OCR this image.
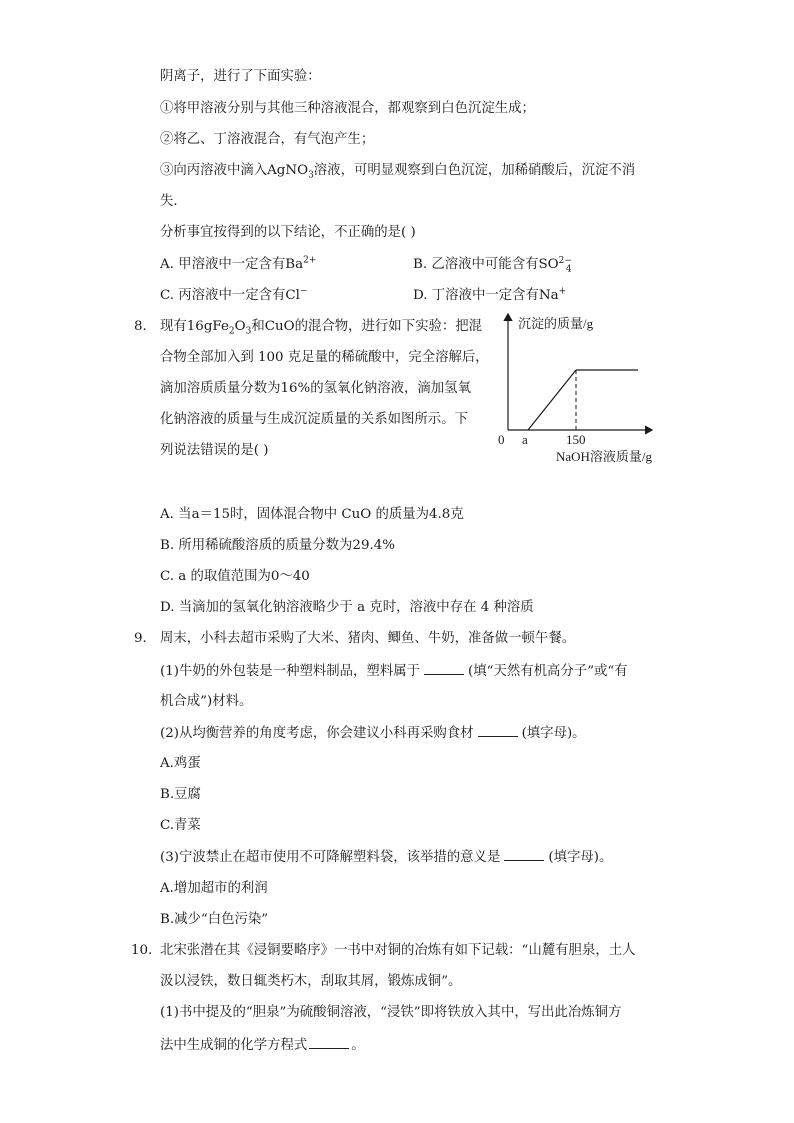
阴离子，进行了下面实验：
①将甲溶液分别与其他三种溶液混合，都观察到白色沉淀生成；
②将乙、丁溶液混合，有气泡产生；
③向丙溶液中滴入AgNO$_3$溶液，可明显观察到白色沉淀，加稀硝酸后，沉淀不消
失．
分析事宜按得到的以下结论，不正确的是( )
A. 甲溶液中一定含有$Ba^{2+}$	B. 乙溶液中可能含有$SO^{2-}_4$
C. 丙溶液中一定含有Cl−	D. 丁溶液中一定含有Na+
8. 现有$16gFe_2O_3$和CuO的混合物，进行如下实验：把混
合物全部加入到 100 克足量的稀硫酸中，完全溶解后，
滴加溶质质量分数为16%的氢氧化钠溶液，滴加氢氧
化钠溶液的质量与生成沉淀质量的关系如图所示。下
列说法错误的是( )
沉淀的质量/g
0 a	150
NaOH溶液质量/g
A. 当a＝15时，固体混合物中 CuO 的质量为4.8克
B. 所用稀硫酸溶质的质量分数为29.4%
C. a 的取值范围为0～40
D. 当滴加的氢氧化钠溶液略少于 a 克时，溶液中存在 4 种溶质
9. 周末，小科去超市采购了大米、猪肉、鲫鱼、牛奶，准备做一顿午餐。
(1)牛奶的外包装是一种塑料制品，塑料属于	(填“天然有机高分子”或“有
机合成”)材料。
(2)从均衡营养的角度考虑，你会建议小科再采购食材	(填字母)。
A.鸡蛋
B.豆腐
C.青菜
(3)宁波禁止在超市使用不可降解塑料袋，该举措的意义是	(填字母)。
A.增加超市的利润
B.减少“白色污染”
10. 北宋张潜在其《浸铜要略序》一书中对铜的冶炼有如下记载：“山麓有胆泉，土人
汲以浸铁，数日辄类朽木，刮取其屑，锻炼成铜”。
(1)书中提及的“胆泉”为硫酸铜溶液，“浸铁”即将铁放入其中，写出此冶炼铜方
法中生成铜的化学方程式	。
